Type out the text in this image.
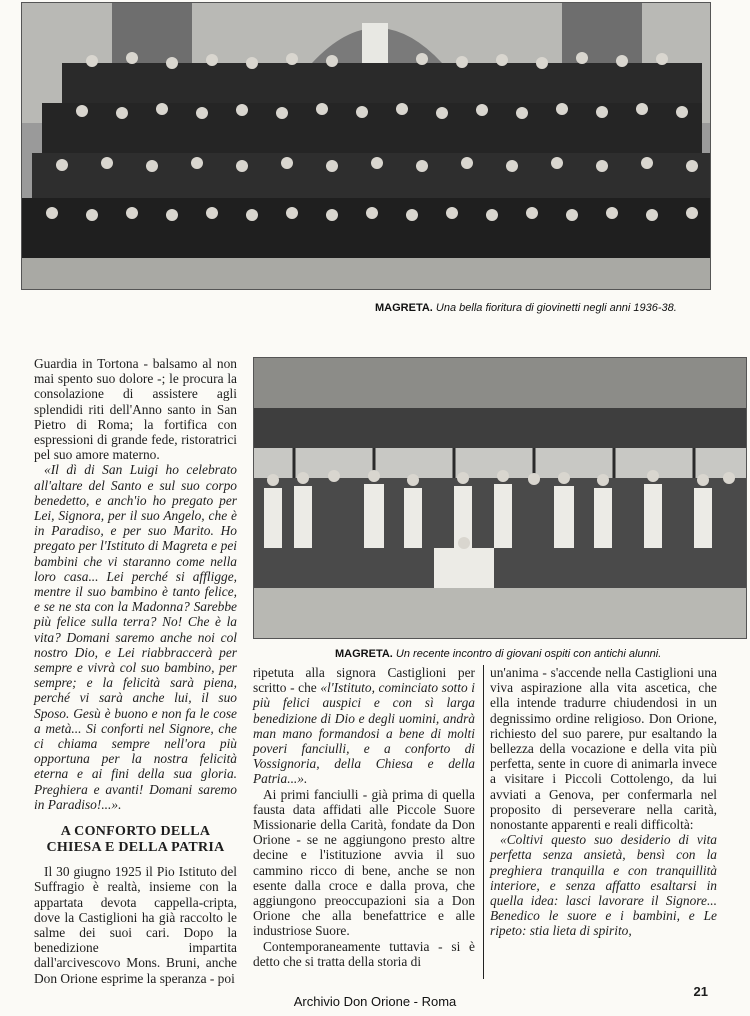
MAGRETA. Una bella fioritura di giovinetti negli anni 1936-38.
MAGRETA. Un recente incontro di giovani ospiti con antichi alunni.

Guardia in Tortona - balsamo al non mai spento suo dolore -; le procura la consolazione di assistere agli splendidi riti dell'Anno santo in San Pietro di Roma; la fortifica con espressioni di grande fede, ristoratrici pel suo amore materno.

«Il dì di San Luigi ho celebrato all'altare del Santo e sul suo corpo benedetto, e anch'io ho pregato per Lei, Signora, per il suo Angelo, che è in Paradiso, e per suo Marito. Ho pregato per l'Istituto di Magreta e pei bambini che vi staranno come nella loro casa... Lei perché si affligge, mentre il suo bambino è tanto felice, e se ne sta con la Madonna? Sarebbe più felice sulla terra? No! Che è la vita? Domani saremo anche noi col nostro Dio, e Lei riabbraccerà per sempre e vivrà col suo bambino, per sempre; e la felicità sarà piena, perché vi sarà anche lui, il suo Sposo. Gesù è buono e non fa le cose a metà... Si conforti nel Signore, che ci chiama sempre nell'ora più opportuna per la nostra felicità eterna e ai fini della sua gloria. Preghiera e avanti! Domani saremo in Paradiso!...».

A CONFORTO DELLA CHIESA E DELLA PATRIA

Il 30 giugno 1925 il Pio Istituto del Suffragio è realtà, insieme con la appartata devota cappella-cripta, dove la Castiglioni ha già raccolto le salme dei suoi cari. Dopo la benedizione impartita dall'arcivescovo Mons. Bruni, anche Don Orione esprime la speranza - poi

ripetuta alla signora Castiglioni per scritto - che «l'Istituto, cominciato sotto i più felici auspici e con sì larga benedizione di Dio e degli uomini, andrà man mano formandosi a bene di molti poveri fanciulli, e a conforto di Vossignoria, della Chiesa e della Patria...».

Ai primi fanciulli - già prima di quella fausta data affidati alle Piccole Suore Missionarie della Carità, fondate da Don Orione - se ne aggiungono presto altre decine e l'istituzione avvia il suo cammino ricco di bene, anche se non esente dalla croce e dalla prova, che aggiungono preoccupazioni sia a Don Orione che alla benefattrice e alle industriose Suore.

Contemporaneamente tuttavia - si è detto che si tratta della storia di

un'anima - s'accende nella Castiglioni una viva aspirazione alla vita ascetica, che ella intende tradurre chiudendosi in un degnissimo ordine religioso. Don Orione, richiesto del suo parere, pur esaltando la bellezza della vocazione e della vita più perfetta, sente in cuore di animarla invece a visitare i Piccoli Cottolengo, da lui avviati a Genova, per confermarla nel proposito di perseverare nella carità, nonostante apparenti e reali difficoltà:

«Coltivi questo suo desiderio di vita perfetta senza ansietà, bensì con la preghiera tranquilla e con tranquillità interiore, e senza affatto esaltarsi in quella idea: lasci lavorare il Signore... Benedico le suore e i bambini, e Le ripeto: stia lieta di spirito,

21
Archivio Don Orione - Roma
